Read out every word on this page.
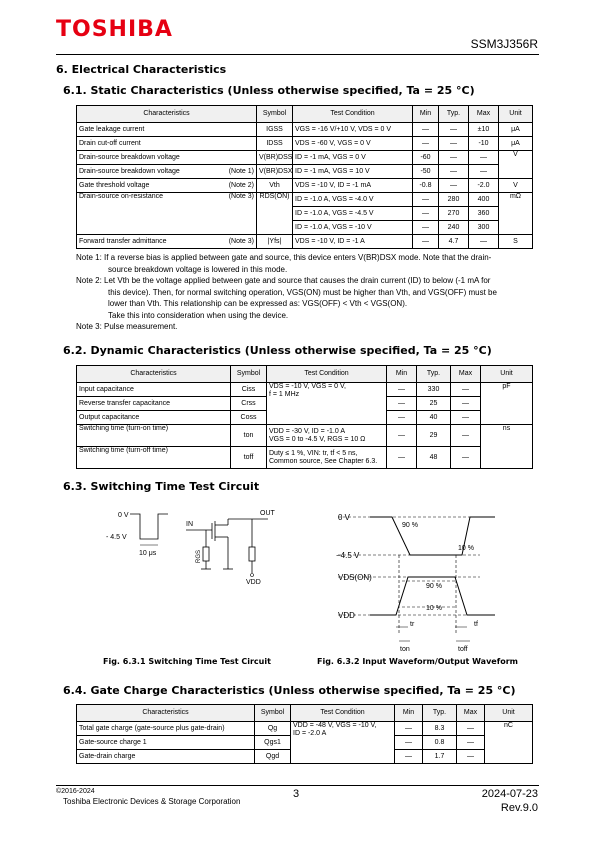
TOSHIBA
SSM3J356R
6. Electrical Characteristics
6.1. Static Characteristics (Unless otherwise specified, Ta = 25 °C)
Characteristics	Symbol	Test Condition	Min	Typ.	Max	Unit
Gate leakage current	IGSS	VGS = -16 V/+10 V, VDS = 0 V	—	—	±10	μA
Drain cut-off current	IDSS	VDS = -60 V, VGS = 0 V	—	—	-10	μA
Drain-source breakdown voltage	V(BR)DSS	ID = -1 mA, VGS = 0 V	-60	—	—	V
Drain-source breakdown voltage (Note 1)	V(BR)DSX	ID = -1 mA, VGS = 10 V	-50	—	—	
Gate threshold voltage (Note 2)	Vth	VDS = -10 V, ID = -1 mA	-0.8	—	-2.0	V
Drain-source on-resistance (Note 3)	RDS(ON)	ID = -1.0 A, VGS = -4.0 V	—	280	400	mΩ
		ID = -1.0 A, VGS = -4.5 V	—	270	360	
		ID = -1.0 A, VGS = -10 V	—	240	300	
Forward transfer admittance (Note 3)	|Yfs|	VDS = -10 V, ID = -1 A	—	4.7	—	S

Note 1: If a reverse bias is applied between gate and source, this device enters V(BR)DSX mode. Note that the drain-

source breakdown voltage is lowered in this mode.

Note 2: Let Vth be the voltage applied between gate and source that causes the drain current (ID) to below (-1 mA for

this device). Then, for normal switching operation, VGS(ON) must be higher than Vth, and VGS(OFF) must be

lower than Vth. This relationship can be expressed as: VGS(OFF) < Vth < VGS(ON).

Take this into consideration when using the device.

Note 3: Pulse measurement.

6.2. Dynamic Characteristics (Unless otherwise specified, Ta = 25 °C)
Characteristics	Symbol	Test Condition	Min	Typ.	Max	Unit
Input capacitance	Ciss	VDS = -10 V, VGS = 0 V,
f = 1 MHz	—	330	—	pF
Reverse transfer capacitance	Crss		—	25	—	
Output capacitance	Coss		—	40	—	
Switching time (turn-on time)	ton	VDD = -30 V, ID = -1.0 A
VGS = 0 to -4.5 V, RGS = 10 Ω	—	29	—	ns
Switching time (turn-off time)	toff	Duty ≤ 1 %, VIN: tr, tf < 5 ns,
Common source, See Chapter 6.3.	—	48	—	
6.3. Switching Time Test Circuit
0 V
- 4.5 V
10 μs
IN
OUT
RGS
VDD
0 V
−4.5 V
VDS(ON)
VDD
90 %
10 %
90 %
10 %
tr	tf
ton	toff
Fig. 6.3.1 Switching Time Test Circuit	Fig. 6.3.2 Input Waveform/Output Waveform
6.4. Gate Charge Characteristics (Unless otherwise specified, Ta = 25 °C)
Characteristics	Symbol	Test Condition	Min	Typ.	Max	Unit
Total gate charge (gate-source plus gate-drain)	Qg	VDD = -48 V, VGS = -10 V,
ID = -2.0 A	—	8.3	—	nC
Gate-source charge 1	Qgs1		—	0.8	—	
Gate-drain charge	Qgd		—	1.7	—	
©2016-2024
Toshiba Electronic Devices & Storage Corporation
3	2024-07-23
Rev.9.0
